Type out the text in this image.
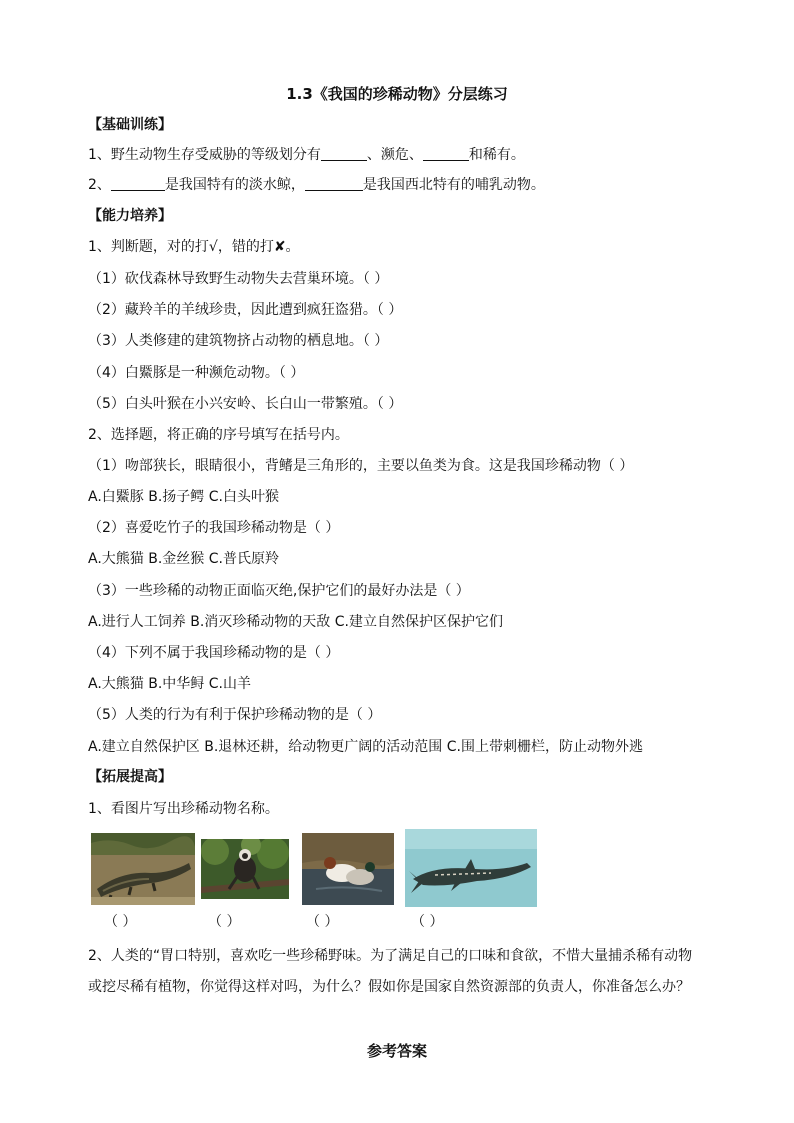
1.3《我国的珍稀动物》分层练习
【基础训练】
1、野生动物生存受威胁的等级划分有	、濒危、	和稀有。
2、	是我国特有的淡水鲸，	是我国西北特有的哺乳动物。
【能力培养】
1、判断题，对的打√，错的打✘。
（1）砍伐森林导致野生动物失去营巢环境。（ ）
（2）藏羚羊的羊绒珍贵，因此遭到疯狂盗猎。（ ）
（3）人类修建的建筑物挤占动物的栖息地。（ ）
（4）白鱀豚是一种濒危动物。（ ）
（5）白头叶猴在小兴安岭、长白山一带繁殖。（ ）
2、选择题，将正确的序号填写在括号内。
（1）吻部狭长，眼睛很小，背鳍是三角形的，主要以鱼类为食。这是我国珍稀动物（ ）
A.白鱀豚 B.扬子鳄 C.白头叶猴
（2）喜爱吃竹子的我国珍稀动物是（ ）
A.大熊猫 B.金丝猴 C.普氏原羚
（3）一些珍稀的动物正面临灭绝,保护它们的最好办法是（ ）
A.进行人工饲养 B.消灭珍稀动物的天敌 C.建立自然保护区保护它们
（4）下列不属于我国珍稀动物的是（ ）
A.大熊猫 B.中华鲟 C.山羊
（5）人类的行为有利于保护珍稀动物的是（ ）
A.建立自然保护区 B.退林还耕，给动物更广阔的活动范围 C.围上带刺栅栏，防止动物外逃
【拓展提高】
1、看图片写出珍稀动物名称。
（ ）	（ ）	（ ）	（ ）
2、人类的“胃口特别，喜欢吃一些珍稀野味。为了满足自己的口味和食欲，不惜大量捕杀稀有动物
或挖尽稀有植物，你觉得这样对吗，为什么？假如你是国家自然资源部的负责人，你准备怎么办？
参考答案
